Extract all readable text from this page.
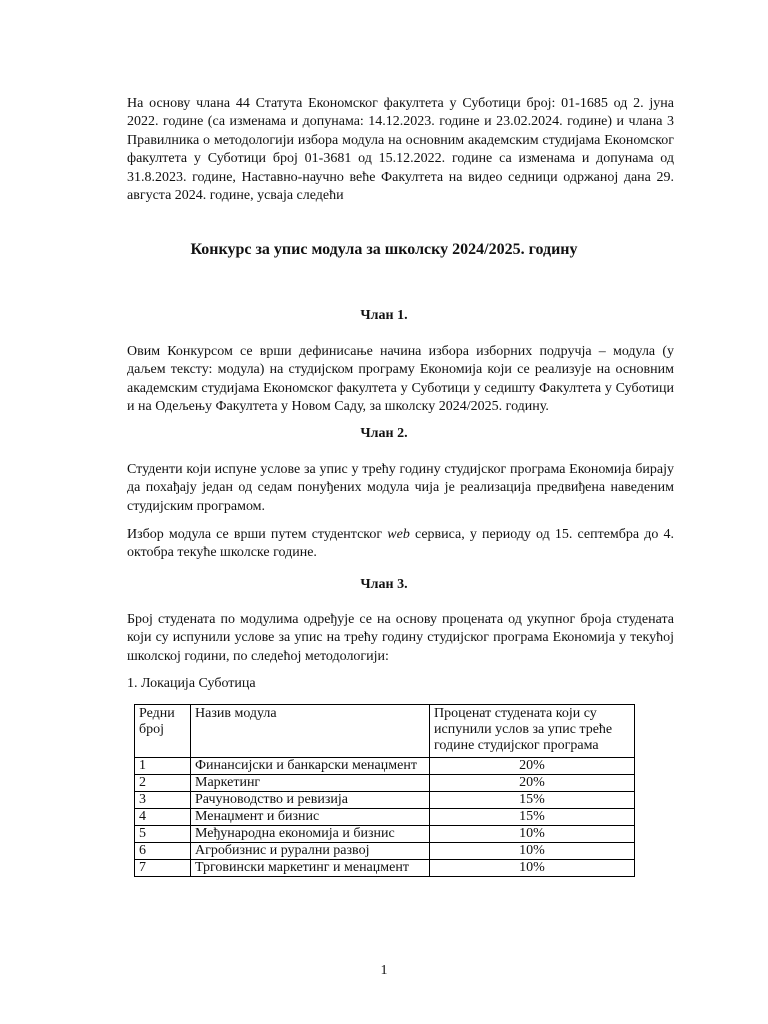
На основу члана 44 Статута Економског факултета у Суботици број: 01-1685 од 2. јуна 2022. године (са изменама и допунама: 14.12.2023. године и 23.02.2024. године) и члана 3 Правилника о методологији избора модула на основним академским студијама Економског факултета у Суботици број 01-3681 од 15.12.2022. године са изменама и допунама од 31.8.2023. године, Наставно-научно веће Факултета на видео седници одржаној дана 29. августа 2024. године, усваја следећи

Конкурс за упис модула за школску 2024/2025. годину

Члан 1.

Овим Конкурсом се врши дефинисање начина избора изборних подручја – модула (у даљем тексту: модула) на студијском програму Економија који се реализује на основним академским студијама Економског факултета у Суботици у седишту Факултета у Суботици и на Одељењу Факултета у Новом Саду, за школску 2024/2025. годину.

Члан 2.

Студенти који испуне услове за упис у трећу годину студијског програма Економија бирају да похађају један од седам понуђених модула чија је реализација предвиђена наведеним студијским програмом.

Избор модула се врши путем студентског web сервиса, у периоду од 15. септембра до 4. октобра текуће школске године.

Члан 3.

Број студената по модулима одређује се на основу процената од укупног броја студената који су испунили услове за упис на трећу годину студијског програма Економија у текућој школској години, по следећој методологији:

1. Локација Суботица

Редни број	Назив модула	Проценат студената који су испунили услов за упис треће године студијског програма
1	Финансијски и банкарски менаџмент	20%
2	Маркетинг	20%
3	Рачуноводство и ревизија	15%
4	Менаџмент и бизнис	15%
5	Међународна економија и бизнис	10%
6	Агробизнис и рурални развој	10%
7	Трговински маркетинг и менаџмент	10%

1
